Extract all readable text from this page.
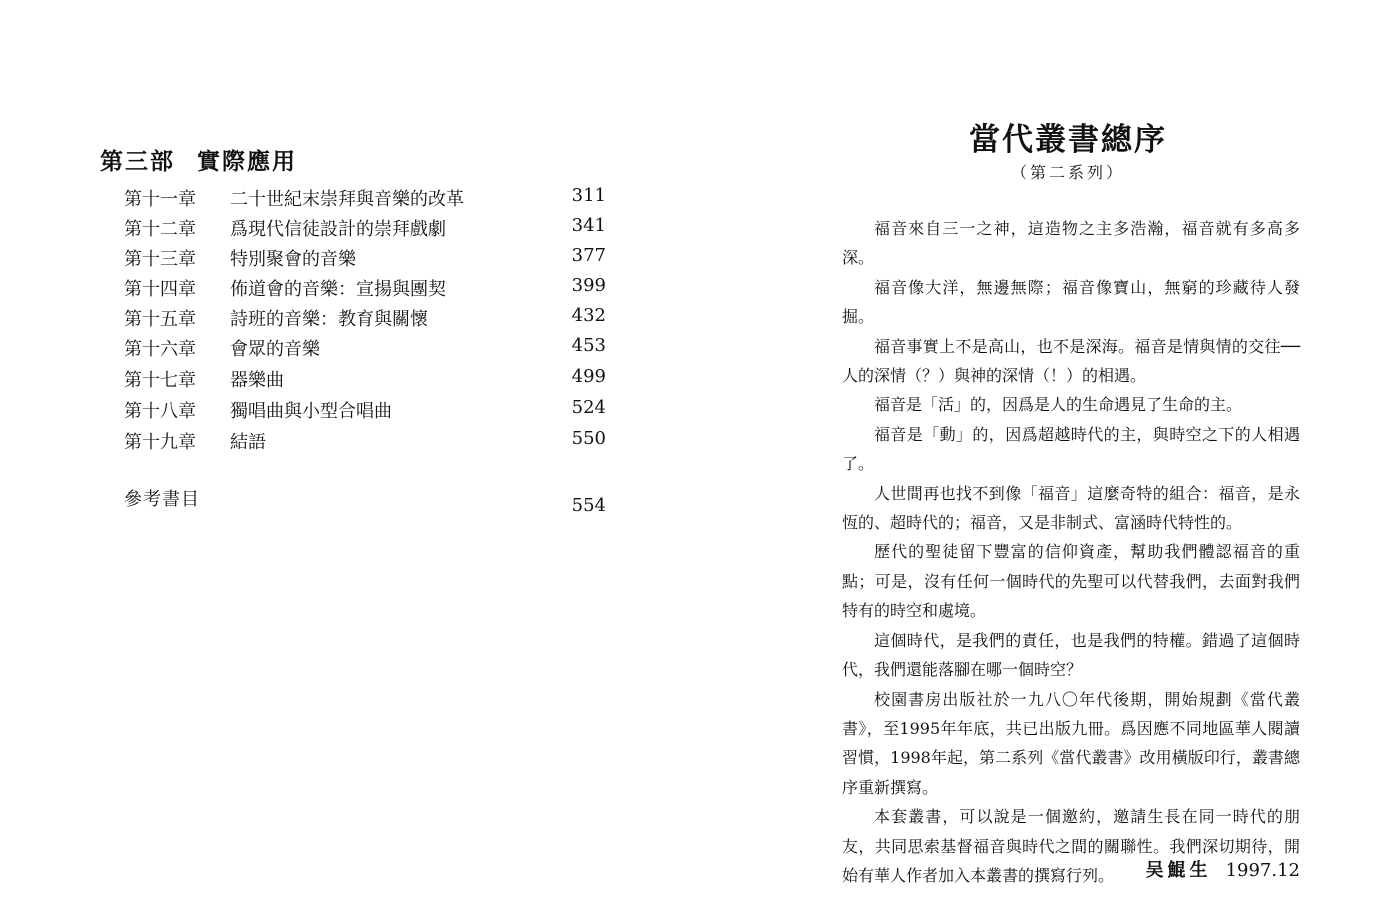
第三部 實際應用
第十一章 二十世紀末崇拜與音樂的改革	311
第十二章 爲現代信徒設計的崇拜戲劇	341
第十三章 特別聚會的音樂	377
第十四章 佈道會的音樂：宣揚與團契	399
第十五章 詩班的音樂：教育與關懷	432
第十六章 會眾的音樂	453
第十七章 器樂曲	499
第十八章 獨唱曲與小型合唱曲	524
第十九章 結語	550
參考書目	554
當代叢書總序
（第二系列）

福音來自三一之神，這造物之主多浩瀚，福音就有多高多深。

福音像大洋，無邊無際；福音像寶山，無窮的珍藏待人發掘。

福音事實上不是高山，也不是深海。福音是情與情的交往──人的深情（？）與神的深情（！）的相遇。

福音是「活」的，因爲是人的生命遇見了生命的主。

福音是「動」的，因爲超越時代的主，與時空之下的人相遇了。

人世間再也找不到像「福音」這麼奇特的組合：福音，是永恆的、超時代的；福音，又是非制式、富涵時代特性的。

歷代的聖徒留下豐富的信仰資產，幫助我們體認福音的重點；可是，沒有任何一個時代的先聖可以代替我們，去面對我們特有的時空和處境。

這個時代，是我們的責任，也是我們的特權。錯過了這個時代，我們還能落腳在哪一個時空？

校園書房出版社於一九八〇年代後期，開始規劃《當代叢書》，至1995年年底，共已出版九冊。爲因應不同地區華人閱讀習慣，1998年起，第二系列《當代叢書》改用橫版印行，叢書總序重新撰寫。

本套叢書，可以說是一個邀約，邀請生長在同一時代的朋友，共同思索基督福音與時代之間的關聯性。我們深切期待，開始有華人作者加入本叢書的撰寫行列。	吴鯤生 1997.12
